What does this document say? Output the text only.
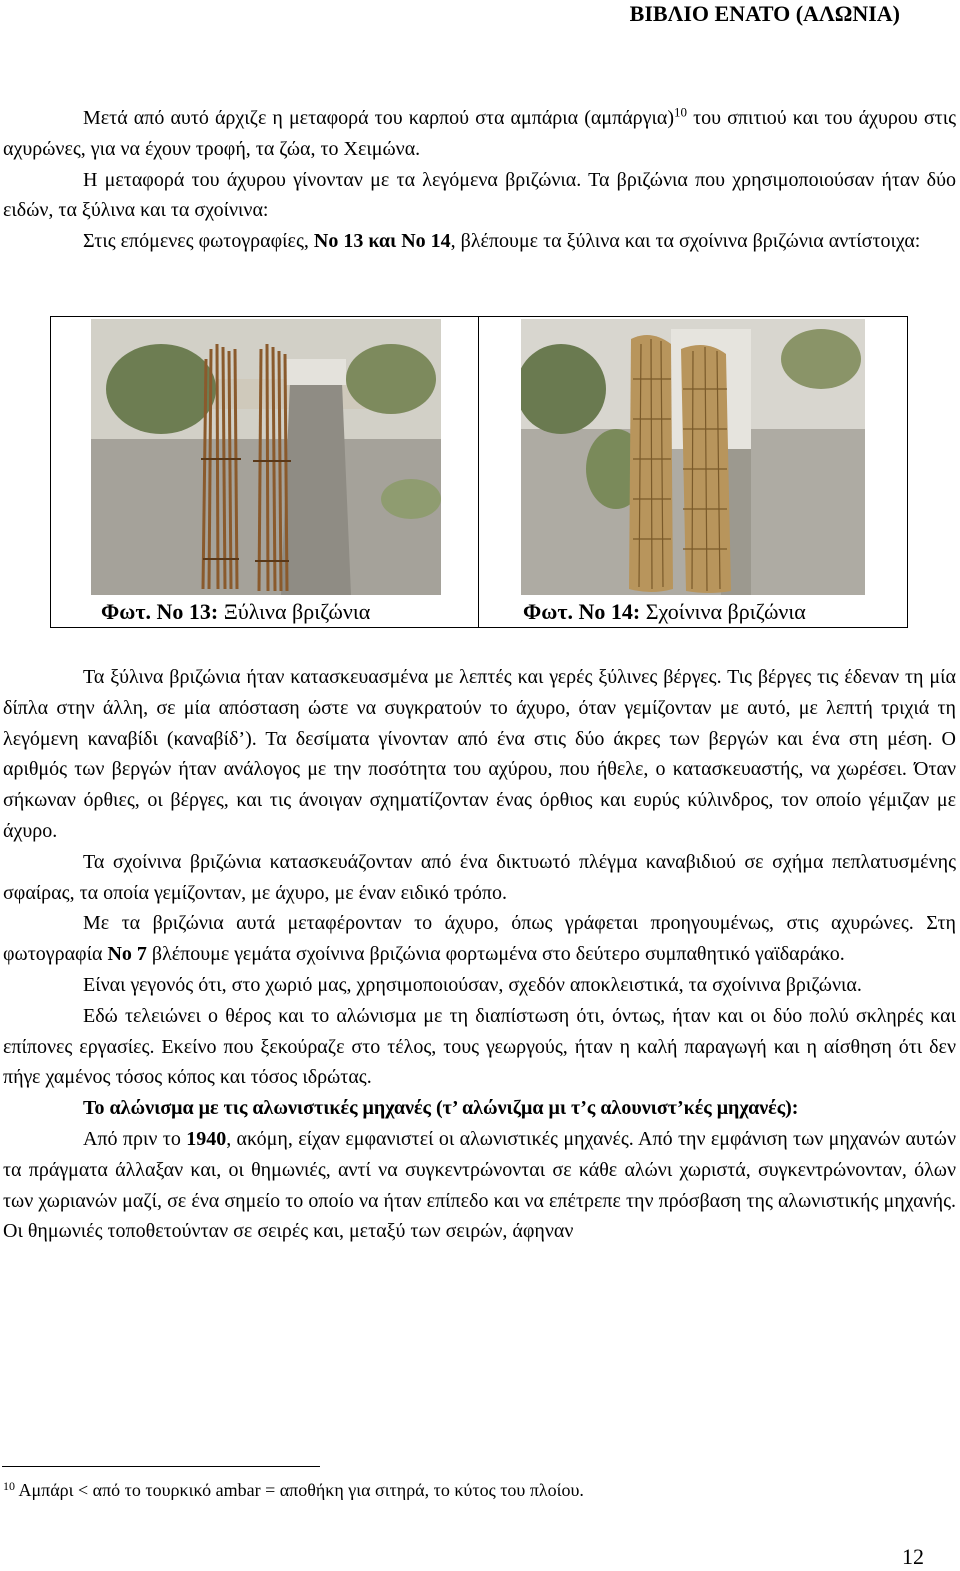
ΒΙΒΛΙΟ ΕΝΑΤΟ (ΑΛΩΝΙΑ)

Μετά από αυτό άρχιζε η μεταφορά του καρπού στα αμπάρια (αμπάργια)$^{10}$ του σπιτιού και του άχυρου στις αχυρώνες, για να έχουν τροφή, τα ζώα, το Χειμώνα.

Η μεταφορά του άχυρου γίνονταν με τα λεγόμενα βριζώνια. Τα βριζώνια που χρησιμοποιούσαν ήταν δύο ειδών, τα ξύλινα και τα σχοίνινα:

Στις επόμενες φωτογραφίες, Νο 13 και Νο 14, βλέπουμε τα ξύλινα και τα σχοίνινα βριζώνια αντίστοιχα:

Φωτ. Νο 13: Ξύλινα βριζώνια	Φωτ. Νο 14: Σχοίνινα βριζώνια

Τα ξύλινα βριζώνια ήταν κατασκευασμένα με λεπτές και γερές ξύλινες βέργες. Τις βέργες τις έδεναν τη μία δίπλα στην άλλη, σε μία απόσταση ώστε να συγκρατούν το άχυρο, όταν γεμίζονταν με αυτό, με λεπτή τριχιά τη λεγόμενη καναβίδι (καναβίδ’). Τα δεσίματα γίνονταν από ένα στις δύο άκρες των βεργών και ένα στη μέση. Ο αριθμός των βεργών ήταν ανάλογος με την ποσότητα του αχύρου, που ήθελε, ο κατασκευαστής, να χωρέσει. Όταν σήκωναν όρθιες, οι βέργες, και τις άνοιγαν σχηματίζονταν ένας όρθιος και ευρύς κύλινδρος, τον οποίο γέμιζαν με άχυρο.

Τα σχοίνινα βριζώνια κατασκευάζονταν από ένα δικτυωτό πλέγμα καναβιδιού σε σχήμα πεπλατυσμένης σφαίρας, τα οποία γεμίζονταν, με άχυρο, με έναν ειδικό τρόπο.

Με τα βριζώνια αυτά μεταφέρονταν το άχυρο, όπως γράφεται προηγουμένως, στις αχυρώνες. Στη φωτογραφία Νο 7 βλέπουμε γεμάτα σχοίνινα βριζώνια φορτωμένα στο δεύτερο συμπαθητικό γαϊδαράκο.

Είναι γεγονός ότι, στο χωριό μας, χρησιμοποιούσαν, σχεδόν αποκλειστικά, τα σχοίνινα βριζώνια.

Εδώ τελειώνει ο θέρος και το αλώνισμα με τη διαπίστωση ότι, όντως, ήταν και οι δύο πολύ σκληρές και επίπονες εργασίες. Εκείνο που ξεκούραζε στο τέλος, τους γεωργούς, ήταν η καλή παραγωγή και η αίσθηση ότι δεν πήγε χαμένος τόσος κόπος και τόσος ιδρώτας.

Το αλώνισμα με τις αλωνιστικές μηχανές (τ’ αλώνιζμα μι τ’ς αλουνιστ’κές μηχανές):

Από πριν το 1940, ακόμη, είχαν εμφανιστεί οι αλωνιστικές μηχανές. Από την εμφάνιση των μηχανών αυτών τα πράγματα άλλαξαν και, οι θημωνιές, αντί να συγκεντρώνονται σε κάθε αλώνι χωριστά, συγκεντρώνονταν, όλων των χωριανών μαζί, σε ένα σημείο το οποίο να ήταν επίπεδο και να επέτρεπε την πρόσβαση της αλωνιστικής μηχανής. Οι θημωνιές τοποθετούνταν σε σειρές και, μεταξύ των σειρών, άφηναν

$^{10}$ Αμπάρι < από το τουρκικό ambar = αποθήκη για σιτηρά, το κύτος του πλοίου.
12
